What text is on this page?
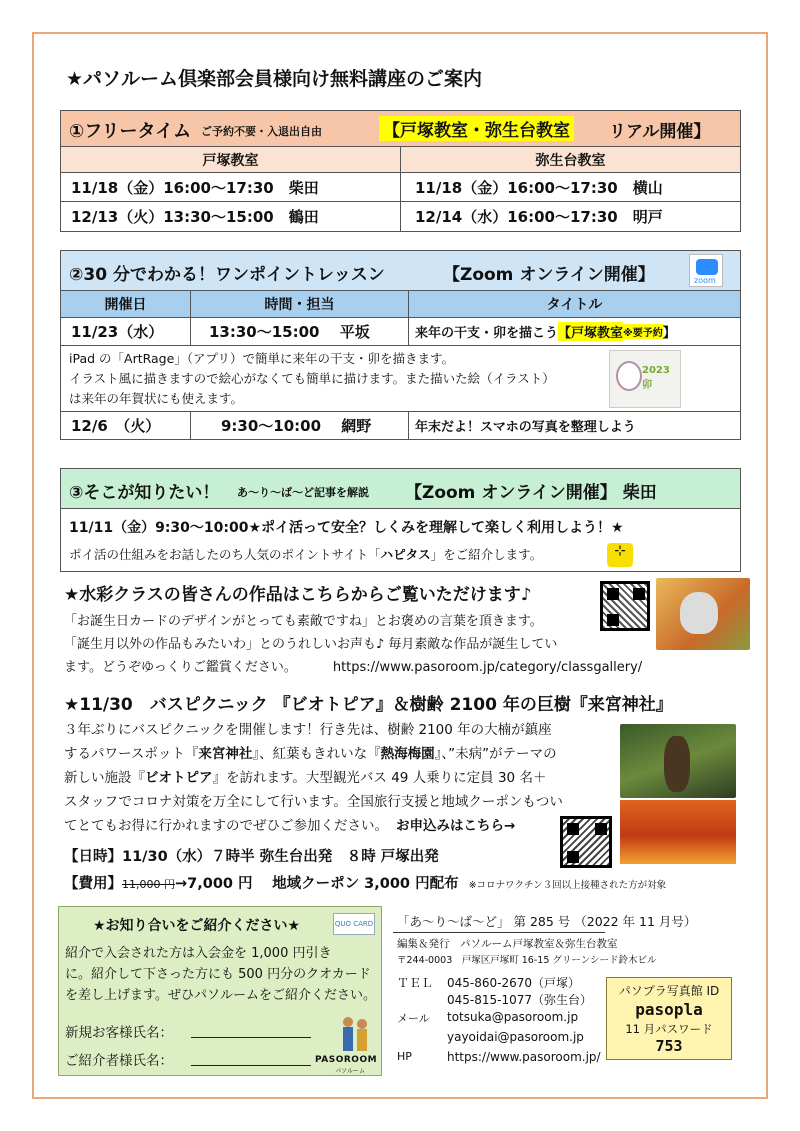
★パソルーム倶楽部会員様向け無料講座のご案内
①フリータイム ご予約不要・入退出自由	【戸塚教室・弥生台教室 リアル開催】
戸塚教室	弥生台教室
11/18（金）16:00～17:30　柴田	11/18（金）16:00～17:30　横山
12/13（火）13:30～15:00　鶴田	12/14（水）16:00～17:30　明戸
②30 分でわかる！ワンポイントレッスン	【Zoom オンライン開催】	zoom
開催日	時間・担当	タイトル
11/23（水）	13:30～15:00　 平坂	来年の干支・卯を描こう 【戸塚教室 ※要予約 】
iPad の「ArtRage」（アプリ）で簡単に来年の干支・卯を描きます。
イラスト風に描きますので絵心がなくても簡単に描けます。また描いた絵（イラスト）
は来年の年賀状にも使えます。
2023 卯
12/6　（火）	9:30～10:00　 網野	年末だよ！スマホの写真を整理しよう
③そこが知りたい！ あ～り～ば～ど記事を解説 【Zoom オンライン開催】 柴田
11/11（金）9:30～10:00★ポイ活って安全？しくみを理解して楽しく利用しよう！★
ポイ活の仕組みをお話したのち人気のポイントサイト「ハピタス」をご紹介します。	⊹
★水彩クラスの皆さんの作品はこちらからご覧いただけます♪
「お誕生日カードのデザインがとっても素敵ですね」とお褒めの言葉を頂きます。
「誕生月以外の作品もみたいわ」とのうれしいお声も♪ 毎月素敵な作品が誕生してい
ます。どうぞゆっくりご鑑賞ください。	https://www.pasoroom.jp/category/classgallery/
★11/30　バスピクニック 『ビオトピア』＆樹齢 2100 年の巨樹『来宮神社』
３年ぶりにバスピクニックを開催します！行き先は、樹齢 2100 年の大楠が鎮座
するパワースポット『来宮神社』、紅葉もきれいな『熱海梅園』、”未病”がテーマの
新しい施設『ビオトピア』を訪れます。大型観光バス 49 人乗りに定員 30 名＋
スタッフでコロナ対策を万全にして行います。全国旅行支援と地域クーポンもつい
てとてもお得に行かれますのでぜひご参加ください。 お申込みはこちら→
【日時】11/30（水）７時半 弥生台出発　８時 戸塚出発
【費用】11,000 円→7,000 円　 地域クーポン 3,000 円配布 ※コロナワクチン３回以上接種された方が対象
★お知り合いをご紹介ください★	QUO CARD
紹介で入会された方は入会金を 1,000 円引き
に。紹介して下さった方にも 500 円分のクオカード
を差し上げます。ぜひパソルームをご紹介ください。
新規お客様氏名：
ご紹介者様氏名：	PASOROOM
パソルーム
「あ～り～ば～ど」 第 285 号 （2022 年 11 月号）
編集＆発行　パソルーム戸塚教室＆弥生台教室
〒244-0003　戸塚区戸塚町 16-15 グリーンシード鈴木ビル
ＴＥＬ 045-860-2670（戸塚）
045-815-1077（弥生台）
メール totsuka@pasoroom.jp
yayoidai@pasoroom.jp
HP	https://www.pasoroom.jp/
パソプラ写真館 ID
pasopla
11 月パスワード
753
